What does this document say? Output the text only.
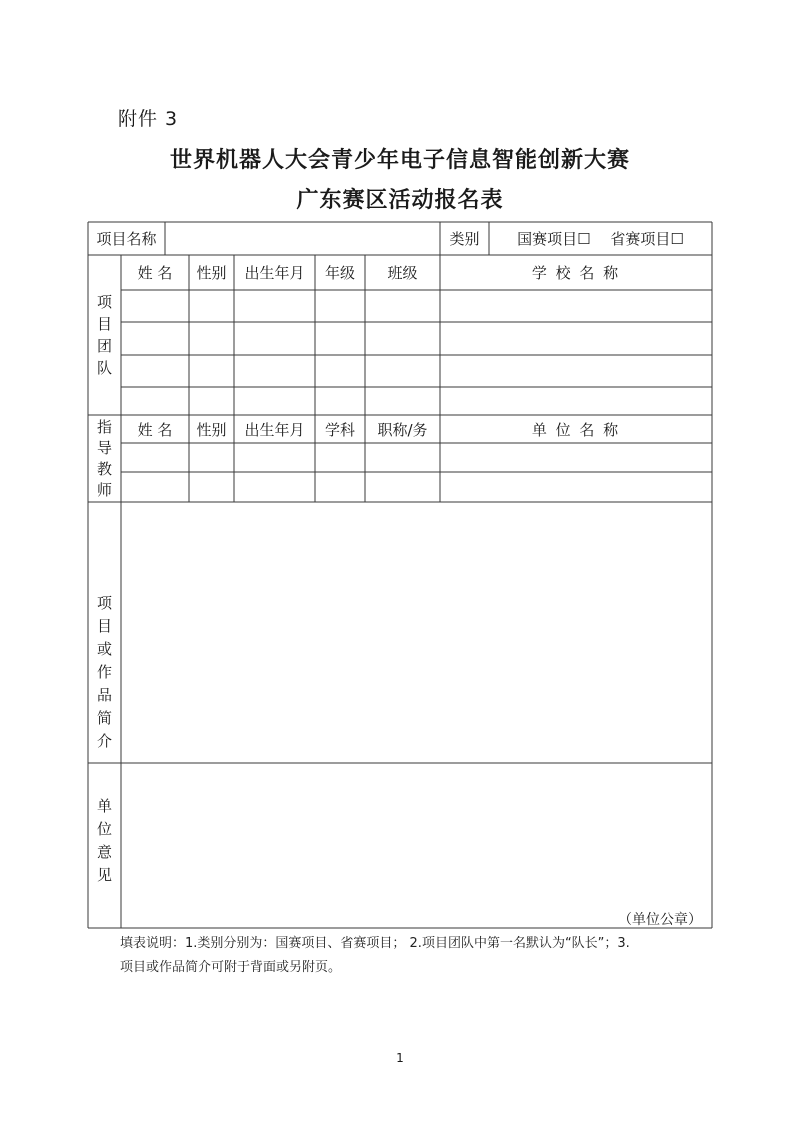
附件 3
世界机器人大会青少年电子信息智能创新大赛
广东赛区活动报名表
项目名称	类别	国赛项目☐　 省赛项目☐
项
目
团
队
姓 名	性别	出生年月	年级	班级	学 校 名 称
指
导
教
师
姓 名	性别	出生年月	学科	职称/务	单 位 名 称
项
目
或
作
品
简
介
单
位
意
见
（单位公章）
填表说明：1.类别分别为：国赛项目、省赛项目； 2.项目团队中第一名默认为“队长”；3.项目或作品简介可附于背面或另附页。
1
